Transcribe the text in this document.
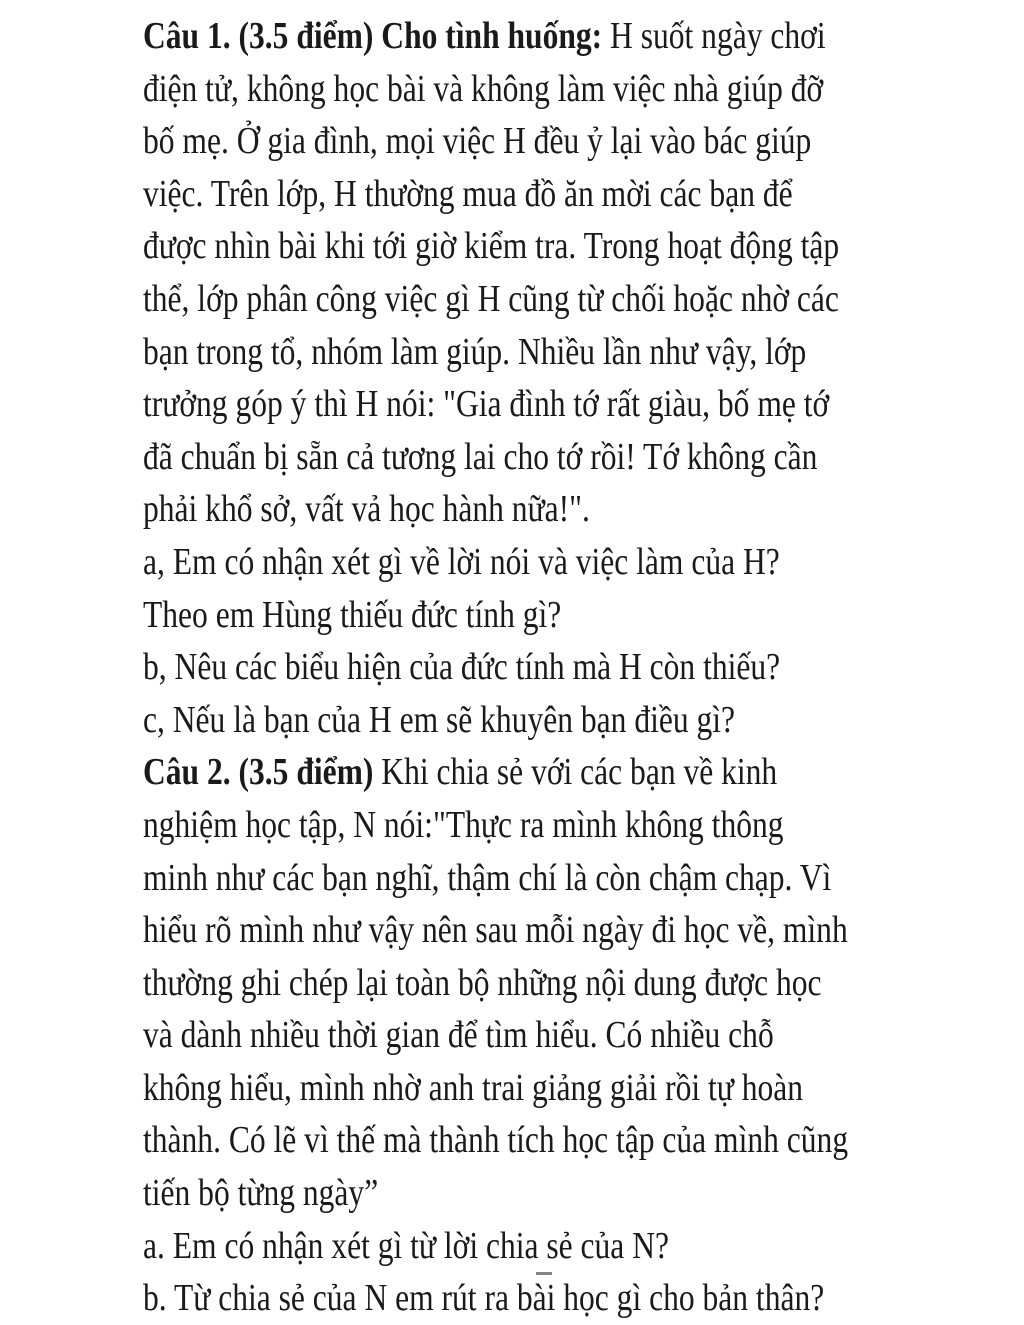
Câu 1. (3.5 điểm) Cho tình huống: H suốt ngày chơi
điện tử, không học bài và không làm việc nhà giúp đỡ
bố mẹ. Ở gia đình, mọi việc H đều ỷ lại vào bác giúp
việc. Trên lớp, H thường mua đồ ăn mời các bạn để
được nhìn bài khi tới giờ kiểm tra. Trong hoạt động tập
thể, lớp phân công việc gì H cũng từ chối hoặc nhờ các
bạn trong tổ, nhóm làm giúp. Nhiều lần như vậy, lớp
trưởng góp ý thì H nói: "Gia đình tớ rất giàu, bố mẹ tớ
đã chuẩn bị sẵn cả tương lai cho tớ rồi! Tớ không cần
phải khổ sở, vất vả học hành nữa!".
a, Em có nhận xét gì về lời nói và việc làm của H?
Theo em Hùng thiếu đức tính gì?
b, Nêu các biểu hiện của đức tính mà H còn thiếu?
c, Nếu là bạn của H em sẽ khuyên bạn điều gì?
Câu 2. (3.5 điểm) Khi chia sẻ với các bạn về kinh
nghiệm học tập, N nói:"Thực ra mình không thông
minh như các bạn nghĩ, thậm chí là còn chậm chạp. Vì
hiểu rõ mình như vậy nên sau mỗi ngày đi học về, mình
thường ghi chép lại toàn bộ những nội dung được học
và dành nhiều thời gian để tìm hiểu. Có nhiều chỗ
không hiểu, mình nhờ anh trai giảng giải rồi tự hoàn
thành. Có lẽ vì thế mà thành tích học tập của mình cũng
tiến bộ từng ngày”
a. Em có nhận xét gì từ lời chia sẻ của N?
b. Từ chia sẻ của N em rút ra bài học gì cho bản thân?
